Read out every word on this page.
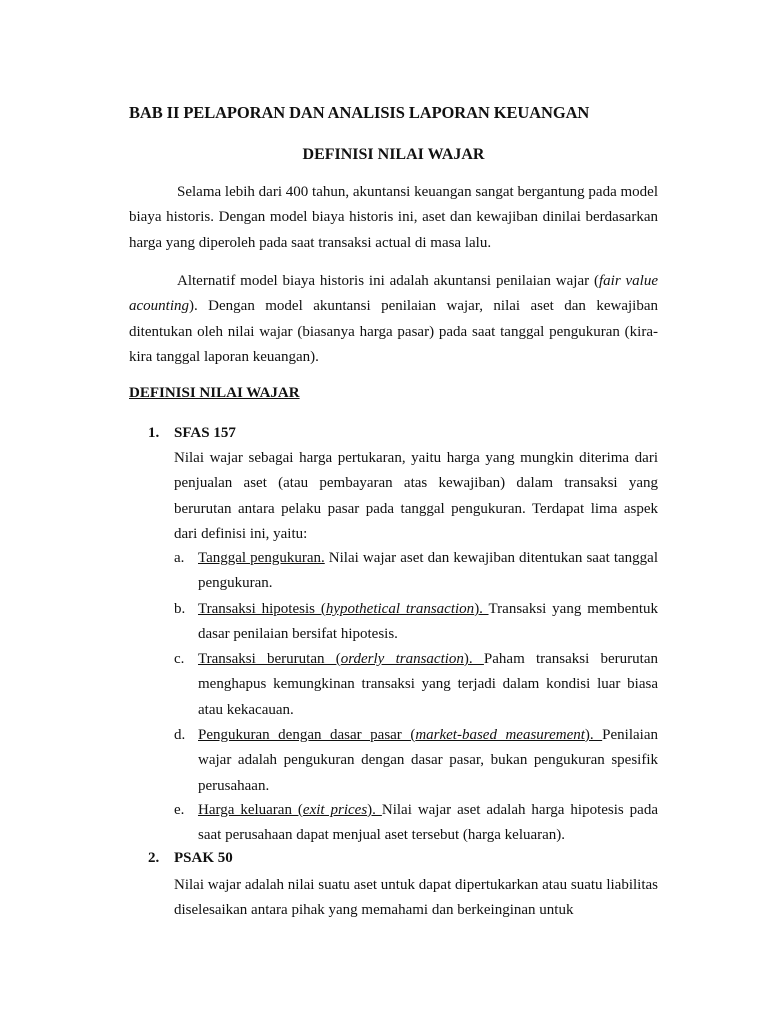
BAB II PELAPORAN DAN ANALISIS LAPORAN KEUANGAN
DEFINISI NILAI WAJAR

Selama lebih dari 400 tahun, akuntansi keuangan sangat bergantung pada model biaya historis. Dengan model biaya historis ini, aset dan kewajiban dinilai berdasarkan harga yang diperoleh pada saat transaksi actual di masa lalu.

Alternatif model biaya historis ini adalah akuntansi penilaian wajar (fair value acounting). Dengan model akuntansi penilaian wajar, nilai aset dan kewajiban ditentukan oleh nilai wajar (biasanya harga pasar) pada saat tanggal pengukuran (kira-kira tanggal laporan keuangan).

DEFINISI NILAI WAJAR
1. SFAS 157

Nilai wajar sebagai harga pertukaran, yaitu harga yang mungkin diterima dari penjualan aset (atau pembayaran atas kewajiban) dalam transaksi yang berurutan antara pelaku pasar pada tanggal pengukuran. Terdapat lima aspek dari definisi ini, yaitu:

a. Tanggal pengukuran. Nilai wajar aset dan kewajiban ditentukan saat tanggal pengukuran.

b. Transaksi hipotesis (hypothetical transaction). Transaksi yang membentuk dasar penilaian bersifat hipotesis.

c. Transaksi berurutan (orderly transaction). Paham transaksi berurutan menghapus kemungkinan transaksi yang terjadi dalam kondisi luar biasa atau kekacauan.

d. Pengukuran dengan dasar pasar (market-based measurement). Penilaian wajar adalah pengukuran dengan dasar pasar, bukan pengukuran spesifik perusahaan.

e. Harga keluaran (exit prices). Nilai wajar aset adalah harga hipotesis pada saat perusahaan dapat menjual aset tersebut (harga keluaran).

2. PSAK 50

Nilai wajar adalah nilai suatu aset untuk dapat dipertukarkan atau suatu liabilitas diselesaikan antara pihak yang memahami dan berkeinginan untuk
